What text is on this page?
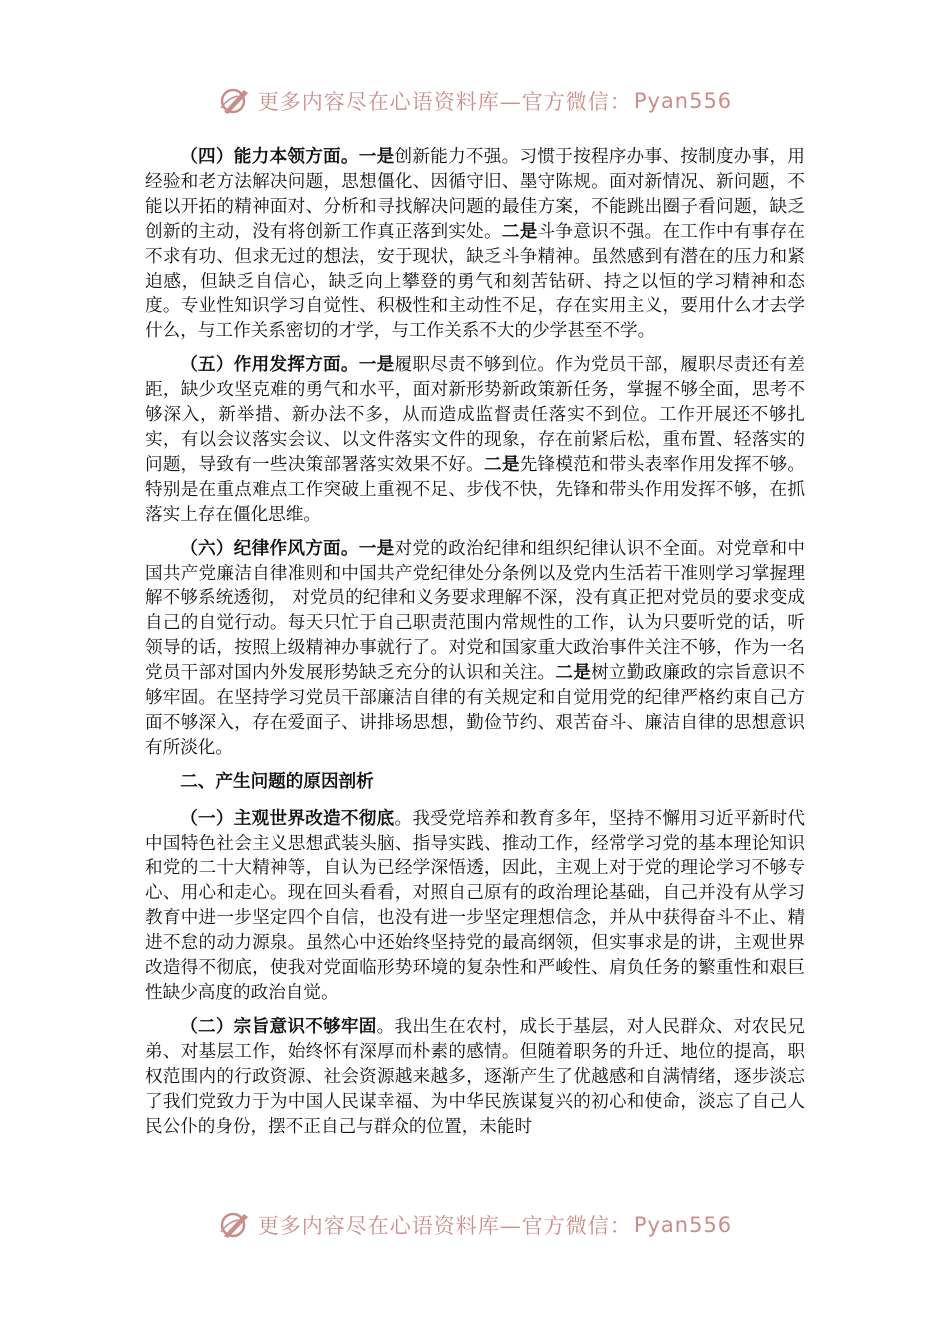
更多内容尽在心语资料库—官方微信： Pyan556

（四）能力本领方面。一是创新能力不强。习惯于按程序办事、按制度办事，用经验和老方法解决问题，思想僵化、因循守旧、墨守陈规。面对新情况、新问题，不能以开拓的精神面对、分析和寻找解决问题的最佳方案，不能跳出圈子看问题，缺乏创新的主动，没有将创新工作真正落到实处。二是斗争意识不强。在工作中有事存在不求有功、但求无过的想法，安于现状，缺乏斗争精神。虽然感到有潜在的压力和紧迫感，但缺乏自信心，缺乏向上攀登的勇气和刻苦钻研、持之以恒的学习精神和态度。专业性知识学习自觉性、积极性和主动性不足，存在实用主义，要用什么才去学什么，与工作关系密切的才学，与工作关系不大的少学甚至不学。

（五）作用发挥方面。一是履职尽责不够到位。作为党员干部，履职尽责还有差距，缺少攻坚克难的勇气和水平，面对新形势新政策新任务，掌握不够全面，思考不够深入，新举措、新办法不多，从而造成监督责任落实不到位。工作开展还不够扎实，有以会议落实会议、以文件落实文件的现象，存在前紧后松，重布置、轻落实的问题，导致有一些决策部署落实效果不好。二是先锋模范和带头表率作用发挥不够。特别是在重点难点工作突破上重视不足、步伐不快，先锋和带头作用发挥不够，在抓落实上存在僵化思维。

（六）纪律作风方面。一是对党的政治纪律和组织纪律认识不全面。对党章和中国共产党廉洁自律准则和中国共产党纪律处分条例以及党内生活若干准则学习掌握理解不够系统透彻， 对党员的纪律和义务要求理解不深，没有真正把对党员的要求变成自己的自觉行动。每天只忙于自己职责范围内常规性的工作，认为只要听党的话，听领导的话，按照上级精神办事就行了。对党和国家重大政治事件关注不够，作为一名党员干部对国内外发展形势缺乏充分的认识和关注。二是树立勤政廉政的宗旨意识不够牢固。在坚持学习党员干部廉洁自律的有关规定和自觉用党的纪律严格约束自己方面不够深入，存在爱面子、讲排场思想，勤俭节约、艰苦奋斗、廉洁自律的思想意识有所淡化。

二、产生问题的原因剖析

（一）主观世界改造不彻底。我受党培养和教育多年，坚持不懈用习近平新时代中国特色社会主义思想武装头脑、指导实践、推动工作，经常学习党的基本理论知识和党的二十大精神等，自认为已经学深悟透，因此，主观上对于党的理论学习不够专心、用心和走心。现在回头看看，对照自己原有的政治理论基础，自己并没有从学习教育中进一步坚定四个自信，也没有进一步坚定理想信念，并从中获得奋斗不止、精进不怠的动力源泉。虽然心中还始终坚持党的最高纲领，但实事求是的讲，主观世界改造得不彻底，使我对党面临形势环境的复杂性和严峻性、肩负任务的繁重性和艰巨性缺少高度的政治自觉。

（二）宗旨意识不够牢固。我出生在农村，成长于基层，对人民群众、对农民兄弟、对基层工作，始终怀有深厚而朴素的感情。但随着职务的升迁、地位的提高，职权范围内的行政资源、社会资源越来越多，逐渐产生了优越感和自满情绪，逐步淡忘了我们党致力于为中国人民谋幸福、为中华民族谋复兴的初心和使命，淡忘了自己人民公仆的身份，摆不正自己与群众的位置，未能时

更多内容尽在心语资料库—官方微信： Pyan556
